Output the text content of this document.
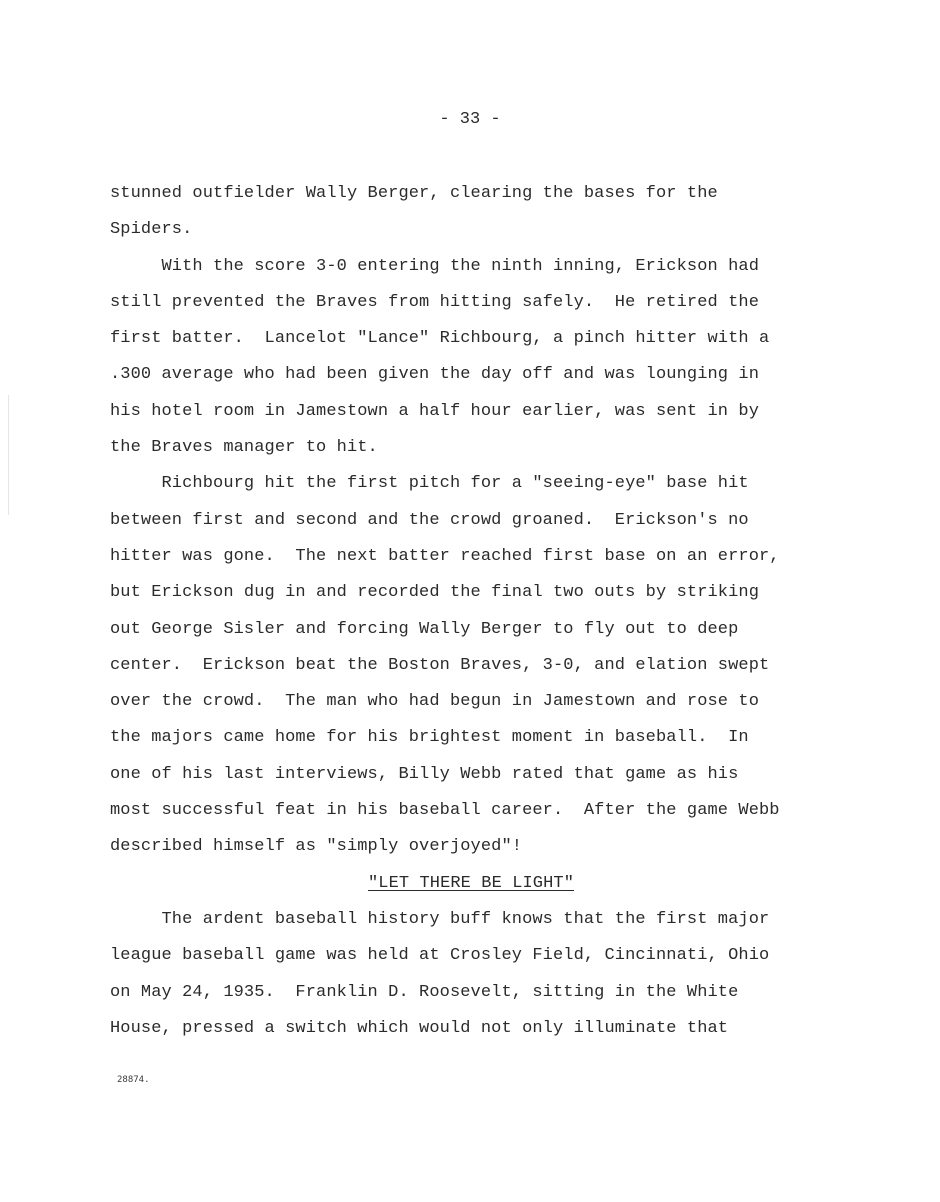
- 33 -
stunned outfielder Wally Berger, clearing the bases for the
Spiders.
With the score 3-0 entering the ninth inning, Erickson had
still prevented the Braves from hitting safely.  He retired the
first batter.  Lancelot "Lance" Richbourg, a pinch hitter with a
.300 average who had been given the day off and was lounging in
his hotel room in Jamestown a half hour earlier, was sent in by
the Braves manager to hit.
Richbourg hit the first pitch for a "seeing-eye" base hit
between first and second and the crowd groaned.  Erickson's no
hitter was gone.  The next batter reached first base on an error,
but Erickson dug in and recorded the final two outs by striking
out George Sisler and forcing Wally Berger to fly out to deep
center.  Erickson beat the Boston Braves, 3-0, and elation swept
over the crowd.  The man who had begun in Jamestown and rose to
the majors came home for his brightest moment in baseball.  In
one of his last interviews, Billy Webb rated that game as his
most successful feat in his baseball career.  After the game Webb
described himself as "simply overjoyed"!
"LET THERE BE LIGHT"
The ardent baseball history buff knows that the first major
league baseball game was held at Crosley Field, Cincinnati, Ohio
on May 24, 1935.  Franklin D. Roosevelt, sitting in the White
House, pressed a switch which would not only illuminate that
28874.
